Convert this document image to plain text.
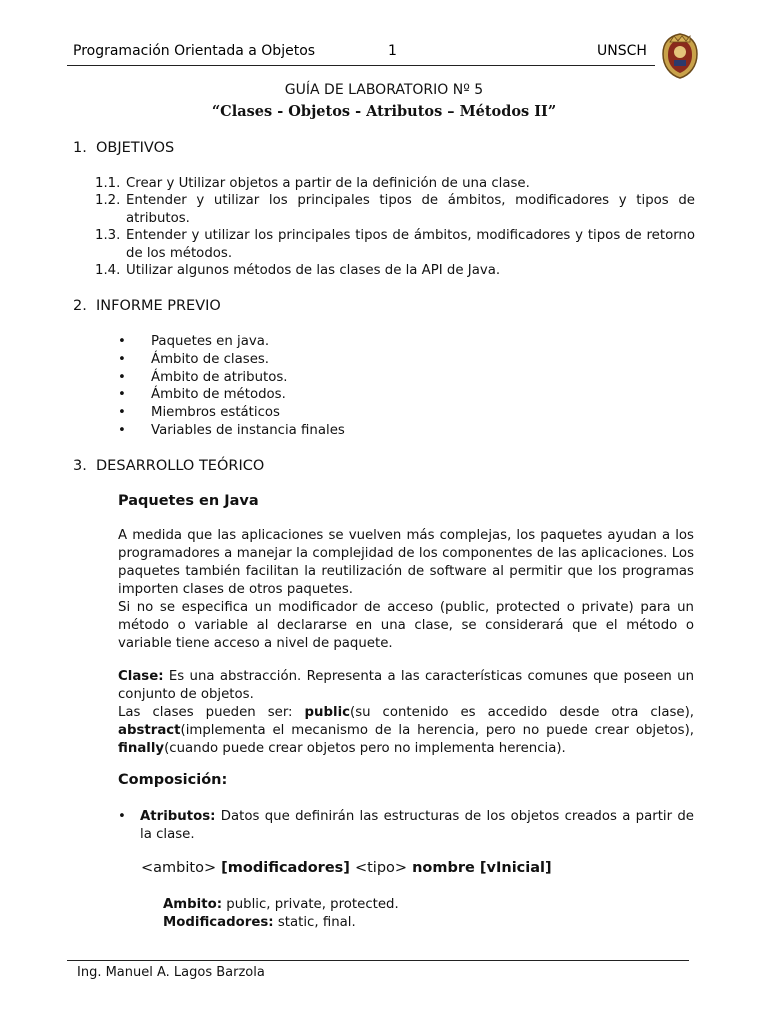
Programación Orientada a Objetos	1	UNSCH
GUÍA DE LABORATORIO Nº 5
“Clases - Objetos - Atributos – Métodos II”
1. OBJETIVOS
1.1. Crear y Utilizar objetos a partir de la definición de una clase.
1.2. Entender y utilizar los principales tipos de ámbitos, modificadores y tipos de atributos.
1.3. Entender y utilizar los principales tipos de ámbitos, modificadores y tipos de retorno de los métodos.
1.4. Utilizar algunos métodos de las clases de la API de Java.
2. INFORME PREVIO
• Paquetes en java.
• Ámbito de clases.
• Ámbito de atributos.
• Ámbito de métodos.
• Miembros estáticos
• Variables de instancia finales
3. DESARROLLO TEÓRICO
Paquetes en Java

A medida que las aplicaciones se vuelven más complejas, los paquetes ayudan a los programadores a manejar la complejidad de los componentes de las aplicaciones. Los paquetes también facilitan la reutilización de software al permitir que los programas importen clases de otros paquetes.

Si no se especifica un modificador de acceso (public, protected o private) para un método o variable al declararse en una clase, se considerará que el método o variable tiene acceso a nivel de paquete.

Clase: Es una abstracción. Representa a las características comunes que poseen un conjunto de objetos.

Las clases pueden ser: public(su contenido es accedido desde otra clase), abstract(implementa el mecanismo de la herencia, pero no puede crear objetos), finally(cuando puede crear objetos pero no implementa herencia).

Composición:
• Atributos: Datos que definirán las estructuras de los objetos creados a partir de la clase.
<ambito> [modificadores] <tipo> nombre [vInicial]
Ambito: public, private, protected.
Modificadores: static, final.
Ing. Manuel A. Lagos Barzola
